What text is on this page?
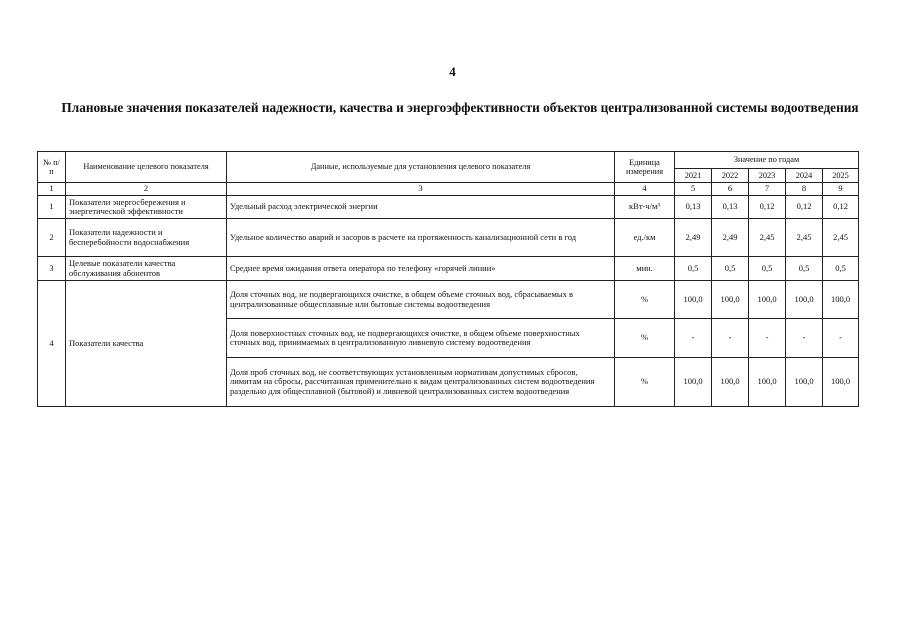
4
Плановые значения показателей надежности, качества и энергоэффективности объектов централизованной системы водоотведения
№ п/п	Наименование целевого показателя	Данные, используемые для установления целевого показателя	Единица измерения	Значение по годам				
				2021	2022	2023	2024	2025
1	2	3	4	5	6	7	8	9
1	Показатели энергосбережения и энергетической эффективности	Удельный расход электрической энергии	кВт-ч/м³	0,13	0,13	0,12	0,12	0,12
2	Показатели надежности и бесперебойности водоснабжения	Удельное количество аварий и засоров в расчете на протяженность канализационной сети в год	ед./км	2,49	2,49	2,45	2,45	2,45
3	Целевые показатели качества обслуживания абонентов	Среднее время ожидания ответа оператора по телефону «горячей линии»	мин.	0,5	0,5	0,5	0,5	0,5
4	Показатели качества	Доля сточных вод, не подвергающихся очистке, в общем объеме сточных вод, сбрасываемых в централизованные общесплавные или бытовые системы водоотведения	%	100,0	100,0	100,0	100,0	100,0
		Доля поверхностных сточных вод, не подвергающихся очистке, в общем объеме поверхностных сточных вод, принимаемых в централизованную ливневую систему водоотведения	%	-	-	-	-	-
		Доля проб сточных вод, не соответствующих установленным нормативам допустимых сбросов, лимитам на сбросы, рассчитанная применительно к видам централизованных систем водоотведения раздельно для общесплавной (бытовой) и ливневой централизованных систем водоотведения	%	100,0	100,0	100,0	100,0	100,0
